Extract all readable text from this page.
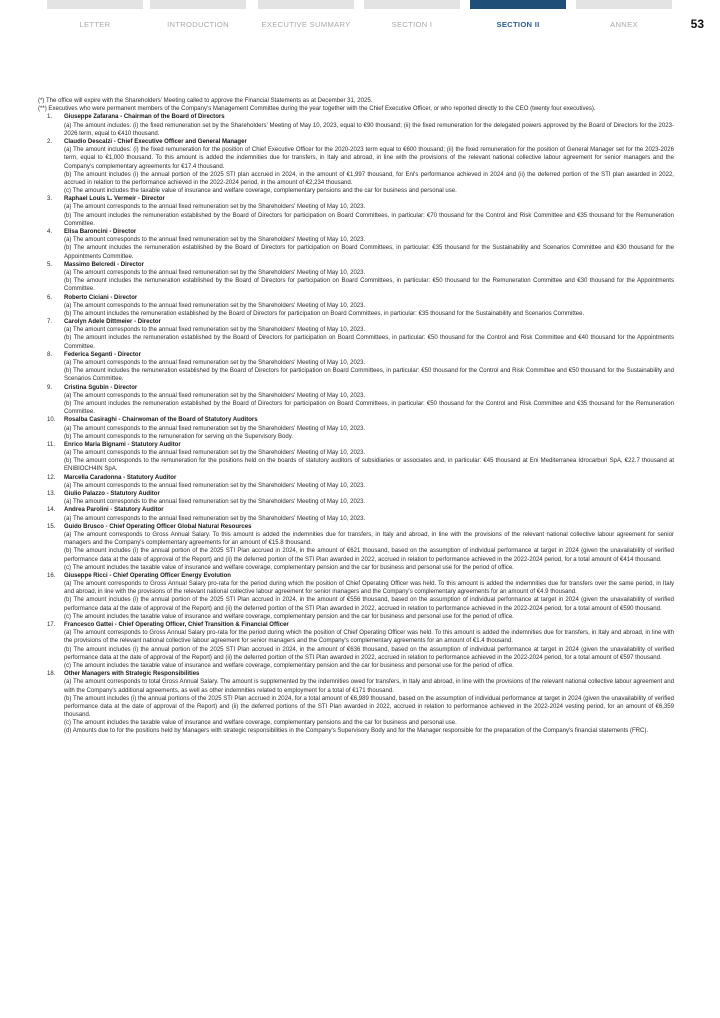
LETTER	INTRODUCTION	EXECUTIVE SUMMARY	SECTION I	SECTION II	ANNEX	53

(*) The office will expire with the Shareholders' Meeting called to approve the Financial Statements as at December 31, 2025.

(**) Executives who were permanent members of the Company's Management Committee during the year together with the Chief Executive Officer, or who reported directly to the CEO (twenty four executives).

1. Giuseppe Zafarana - Chairman of the Board of Directors

(a) The amount includes: (i) the fixed remuneration set by the Shareholders' Meeting of May 10, 2023, equal to €90 thousand; (ii) the fixed remuneration for the delegated powers approved by the Board of Directors for the 2023-2026 term, equal to €410 thousand.

2. Claudio Descalzi - Chief Executive Officer and General Manager

(a) The amount includes: (i) the fixed remuneration for the position of Chief Executive Officer for the 2020-2023 term equal to €600 thousand; (ii) the fixed remuneration for the position of General Manager set for the 2023-2026 term, equal to €1,000 thousand. To this amount is added the indemnities due for transfers, in Italy and abroad, in line with the provisions of the relevant national collective labour agreement for senior managers and the Company's complementary agreements for €17.4 thousand.

(b) The amount includes (i) the annual portion of the 2025 STI plan accrued in 2024, in the amount of €1,997 thousand, for Eni's performance achieved in 2024 and (ii) the deferred portion of the STI plan awarded in 2022, accrued in relation to the performance achieved in the 2022-2024 period, in the amount of €2,234 thousand.

(c) The amount includes the taxable value of insurance and welfare coverage, complementary pensions and the car for business and personal use.

3. Raphael Louis L. Vermeir - Director

(a) The amount corresponds to the annual fixed remuneration set by the Shareholders' Meeting of May 10, 2023.

(b) The amount includes the remuneration established by the Board of Directors for participation on Board Committees, in particular: €70 thousand for the Control and Risk Committee and €35 thousand for the Remuneration Committee.

4. Elisa Baroncini - Director

(a) The amount corresponds to the annual fixed remuneration set by the Shareholders' Meeting of May 10, 2023.

(b) The amount includes the remuneration established by the Board of Directors for participation on Board Committees, in particular: €35 thousand for the Sustainability and Scenarios Committee and €30 thousand for the Appointments Committee.

5. Massimo Belcredi - Director

(a) The amount corresponds to the annual fixed remuneration set by the Shareholders' Meeting of May 10, 2023.

(b) The amount includes the remuneration established by the Board of Directors for participation on Board Committees, in particular: €50 thousand for the Remuneration Committee and €30 thousand for the Appointments Committee.

6. Roberto Ciciani - Director

(a) The amount corresponds to the annual fixed remuneration set by the Shareholders' Meeting of May 10, 2023.

(b) The amount includes the remuneration established by the Board of Directors for participation on Board Committees, in particular: €35 thousand for the Sustainability and Scenarios Committee.

7. Carolyn Adele Dittmeier - Director

(a) The amount corresponds to the annual fixed remuneration set by the Shareholders' Meeting of May 10, 2023.

(b) The amount includes the remuneration established by the Board of Directors for participation on Board Committees, in particular: €50 thousand for the Control and Risk Committee and €40 thousand for the Appointments Committee.

8. Federica Seganti - Director

(a) The amount corresponds to the annual fixed remuneration set by the Shareholders' Meeting of May 10, 2023.

(b) The amount includes the remuneration established by the Board of Directors for participation on Board Committees, in particular: €50 thousand for the Control and Risk Committee and €50 thousand for the Sustainability and Scenarios Committee.

9. Cristina Sgubin - Director

(a) The amount corresponds to the annual fixed remuneration set by the Shareholders' Meeting of May 10, 2023.

(b) The amount includes the remuneration established by the Board of Directors for participation on Board Committees, in particular: €50 thousand for the Control and Risk Committee and €35 thousand for the Remuneration Committee.

10. Rosalba Casiraghi - Chairwoman of the Board of Statutory Auditors

(a) The amount corresponds to the annual fixed remuneration set by the Shareholders' Meeting of May 10, 2023.

(b) The amount corresponds to the remuneration for serving on the Supervisory Body.

11. Enrico Maria Bignami - Statutory Auditor

(a) The amount corresponds to the annual fixed remuneration set by the Shareholders' Meeting of May 10, 2023.

(b) The amount corresponds to the remuneration for the positions held on the boards of statutory auditors of subsidiaries or associates and, in particular: €45 thousand at Eni Mediterranea Idrocarburi SpA, €22.7 thousand at ENIBIOCH4IN SpA.

12. Marcella Caradonna - Statutory Auditor

(a) The amount corresponds to the annual fixed remuneration set by the Shareholders' Meeting of May 10, 2023.

13. Giulio Palazzo - Statutory Auditor

(a) The amount corresponds to the annual fixed remuneration set by the Shareholders' Meeting of May 10, 2023.

14. Andrea Parolini - Statutory Auditor

(a) The amount corresponds to the annual fixed remuneration set by the Shareholders' Meeting of May 10, 2023.

15. Guido Brusco - Chief Operating Officer Global Natural Resources

(a) The amount corresponds to Gross Annual Salary. To this amount is added the indemnities due for transfers, in Italy and abroad, in line with the provisions of the relevant national collective labour agreement for senior managers and the Company's complementary agreements for an amount of €15.8 thousand.

(b) The amount includes (i) the annual portion of the 2025 STI Plan accrued in 2024, in the amount of €621 thousand, based on the assumption of individual performance at target in 2024 (given the unavailability of verified performance data at the date of approval of the Report) and (ii) the deferred portion of the STI Plan awarded in 2022, accrued in relation to performance achieved in the 2022-2024 period, for a total amount of €414 thousand.

(c) The amount includes the taxable value of insurance and welfare coverage, complementary pension and the car for business and personal use for the period of office.

16. Giuseppe Ricci - Chief Operating Officer Energy Evolution

(a) The amount corresponds to Gross Annual Salary pro-rata for the period during which the position of Chief Operating Officer was held. To this amount is added the indemnities due for transfers over the same period, in Italy and abroad, in line with the provisions of the relevant national collective labour agreement for senior managers and the Company's complementary agreements for an amount of €4.9 thousand.

(b) The amount includes (i) the annual portion of the 2025 STI Plan accrued in 2024, in the amount of €556 thousand, based on the assumption of individual performance at target in 2024 (given the unavailability of verified performance data at the date of approval of the Report) and (ii) the deferred portion of the STI Plan awarded in 2022, accrued in relation to performance achieved in the 2022-2024 period, for a total amount of €590 thousand.

(c) The amount includes the taxable value of insurance and welfare coverage, complementary pension and the car for business and personal use for the period of office.

17. Francesco Gattei - Chief Operating Officer, Chief Transition & Financial Officer

(a) The amount corresponds to Gross Annual Salary pro-rata for the period during which the position of Chief Operating Officer was held. To this amount is added the indemnities due for transfers, in Italy and abroad, in line with the provisions of the relevant national collective labour agreement for senior managers and the Company's complementary agreements for an amount of €1.4 thousand.

(b) The amount includes (i) the annual portion of the 2025 STI Plan accrued in 2024, in the amount of €636 thousand, based on the assumption of individual performance at target in 2024 (given the unavailability of verified performance data at the date of approval of the Report) and (ii) the deferred portion of the STI Plan awarded in 2022, accrued in relation to performance achieved in the 2022-2024 period, for a total amount of €597 thousand.

(c) The amount includes the taxable value of insurance and welfare coverage, complementary pension and the car for business and personal use for the period of office.

18. Other Managers with Strategic Responsibilities

(a) The amount corresponds to total Gross Annual Salary. The amount is supplemented by the indemnities owed for transfers, in Italy and abroad, in line with the provisions of the relevant national collective labour agreement and with the Company's additional agreements, as well as other indemnities related to employment for a total of €171 thousand.

(b) The amount includes (i) the annual portions of the 2025 STI Plan accrued in 2024, for a total amount of €6,989 thousand, based on the assumption of individual performance at target in 2024 (given the unavailability of verified performance data at the date of approval of the Report) and (ii) the deferred portions of the STI Plan awarded in 2022, accrued in relation to performance achieved in the 2022-2024 vesting period, for an amount of €6,359 thousand.

(c) The amount includes the taxable value of insurance and welfare coverage, complementary pensions and the car for business and personal use.

(d) Amounts due to for the positions held by Managers with strategic responsibilities in the Company's Supervisory Body and for the Manager responsible for the preparation of the Company's financial statements (FRC).
